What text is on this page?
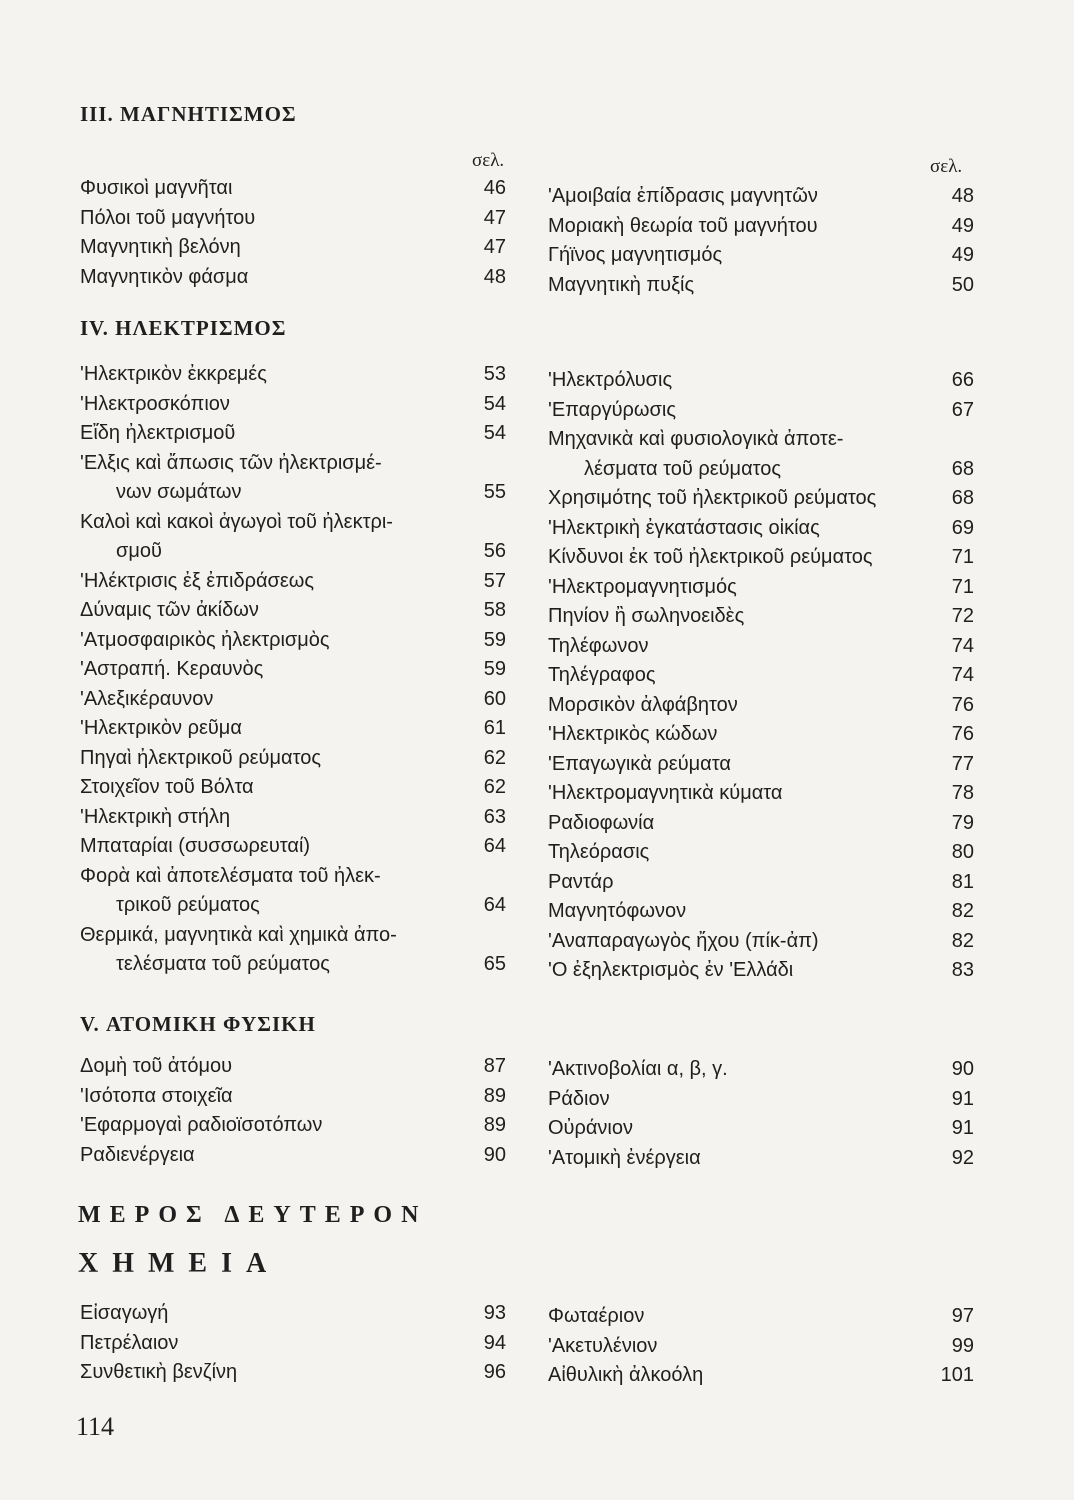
III. ΜΑΓΝΗΤΙΣΜΟΣ
σελ.	σελ.
IV. ΗΛΕΚΤΡΙΣΜΟΣ
V. ΑΤΟΜΙΚΗ ΦΥΣΙΚΗ
ΜΕΡΟΣ ΔΕΥΤΕΡΟΝ
ΧΗΜΕΙΑ
114
Φυσικοὶ μαγνῆται	46
Πόλοι τοῦ μαγνήτου	47
Μαγνητικὴ βελόνη	47
Μαγνητικὸν φάσμα	48
'Αμοιβαία ἐπίδρασις μαγνητῶν	48
Μοριακὴ θεωρία τοῦ μαγνήτου	49
Γήϊνος μαγνητισμός	49
Μαγνητικὴ πυξίς	50
'Ηλεκτρικὸν ἐκκρεμές	53
'Ηλεκτροσκόπιον	54
Εἴδη ἠλεκτρισμοῦ	54
'Ελξις καὶ ἄπωσις τῶν ἠλεκτρισμέ-
νων σωμάτων	55
Καλοὶ καὶ κακοὶ ἀγωγοὶ τοῦ ἠλεκτρι-
σμοῦ	56
'Ηλέκτρισις ἐξ ἐπιδράσεως	57
Δύναμις τῶν ἀκίδων	58
'Ατμοσφαιρικὸς ἠλεκτρισμὸς	59
'Αστραπή. Κεραυνὸς	59
'Αλεξικέραυνον	60
'Ηλεκτρικὸν ρεῦμα	61
Πηγαὶ ἠλεκτρικοῦ ρεύματος	62
Στοιχεῖον τοῦ Βόλτα	62
'Ηλεκτρικὴ στήλη	63
Μπαταρίαι (συσσωρευταί)	64
Φορὰ καὶ ἀποτελέσματα τοῦ ἠλεκ-
τρικοῦ ρεύματος	64
Θερμικά, μαγνητικὰ καὶ χημικὰ ἀπο-
τελέσματα τοῦ ρεύματος	65
'Ηλεκτρόλυσις	66
'Επαργύρωσις	67
Μηχανικὰ καὶ φυσιολογικὰ ἀποτε-
λέσματα τοῦ ρεύματος	68
Χρησιμότης τοῦ ἠλεκτρικοῦ ρεύματος	68
'Ηλεκτρικὴ ἐγκατάστασις οἰκίας	69
Κίνδυνοι ἐκ τοῦ ἠλεκτρικοῦ ρεύματος	71
'Ηλεκτρομαγνητισμός	71
Πηνίον ἢ σωληνοειδὲς	72
Τηλέφωνον	74
Τηλέγραφος	74
Μορσικὸν ἀλφάβητον	76
'Ηλεκτρικὸς κώδων	76
'Επαγωγικὰ ρεύματα	77
'Ηλεκτρομαγνητικὰ κύματα	78
Ραδιοφωνία	79
Τηλεόρασις	80
Ραντάρ	81
Μαγνητόφωνον	82
'Αναπαραγωγὸς ἤχου (πίκ-ἀπ)	82
'Ο ἐξηλεκτρισμὸς ἐν 'Ελλάδι	83
Δομὴ τοῦ ἀτόμου	87
'Ισότοπα στοιχεῖα	89
'Εφαρμογαὶ ραδιοϊσοτόπων	89
Ραδιενέργεια	90
'Ακτινοβολίαι α, β, γ.	90
Ράδιον	91
Οὐράνιον	91
'Ατομικὴ ἐνέργεια	92
Εἰσαγωγή	93
Πετρέλαιον	94
Συνθετικὴ βενζίνη	96
Φωταέριον	97
'Ακετυλένιον	99
Αἰθυλικὴ ἀλκοόλη	101
